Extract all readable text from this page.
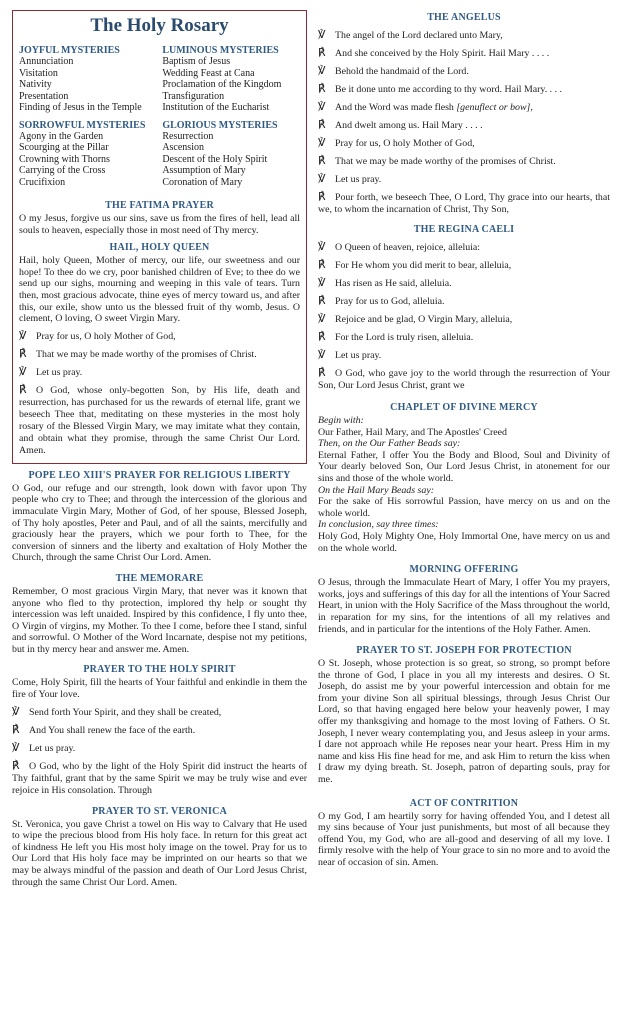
The Holy Rosary
JOYFUL MYSTERIES
Annunciation
Visitation
Nativity
Presentation
Finding of Jesus in the Temple
LUMINOUS MYSTERIES
Baptism of Jesus
Wedding Feast at Cana
Proclamation of the Kingdom
Transfiguration
Institution of the Eucharist
SORROWFUL MYSTERIES
Agony in the Garden
Scourging at the Pillar
Crowning with Thorns
Carrying of the Cross
Crucifixion
GLORIOUS MYSTERIES
Resurrection
Ascension
Descent of the Holy Spirit
Assumption of Mary
Coronation of Mary
THE FATIMA PRAYER

O my Jesus, forgive us our sins, save us from the fires of hell, lead all souls to heaven, especially those in most need of Thy mercy.

HAIL, HOLY QUEEN

Hail, holy Queen, Mother of mercy, our life, our sweetness and our hope! To thee do we cry, poor banished children of Eve; to thee do we send up our sighs, mourning and weeping in this vale of tears. Turn then, most gracious advocate, thine eyes of mercy toward us, and after this, our exile, show unto us the blessed fruit of thy womb, Jesus. O clement, O loving, O sweet Virgin Mary.

℣ Pray for us, O holy Mother of God,

℟ That we may be made worthy of the promises of Christ.

℣ Let us pray.

℟ O God, whose only-begotten Son, by His life, death and resurrection, has purchased for us the rewards of eternal life, grant we beseech Thee that, meditating on these mysteries in the most holy rosary of the Blessed Virgin Mary, we may imitate what they contain, and obtain what they promise, through the same Christ Our Lord. Amen.

POPE LEO XIII'S PRAYER FOR RELIGIOUS LIBERTY

O God, our refuge and our strength, look down with favor upon Thy people who cry to Thee; and through the intercession of the glorious and immaculate Virgin Mary, Mother of God, of her spouse, Blessed Joseph, of Thy holy apostles, Peter and Paul, and of all the saints, mercifully and graciously hear the prayers, which we pour forth to Thee, for the conversion of sinners and the liberty and exaltation of Holy Mother the Church, through the same Christ Our Lord. Amen.

THE MEMORARE

Remember, O most gracious Virgin Mary, that never was it known that anyone who fled to thy protection, implored thy help or sought thy intercession was left unaided. Inspired by this confidence, I fly unto thee, O Virgin of virgins, my Mother. To thee I come, before thee I stand, sinful and sorrowful. O Mother of the Word Incarnate, despise not my petitions, but in thy mercy hear and answer me. Amen.

PRAYER TO THE HOLY SPIRIT

Come, Holy Spirit, fill the hearts of Your faithful and enkindle in them the fire of Your love.

℣ Send forth Your Spirit, and they shall be created,

℟ And You shall renew the face of the earth.

℣ Let us pray.

℟ O God, who by the light of the Holy Spirit did instruct the hearts of Thy faithful, grant that by the same Spirit we may be truly wise and ever rejoice in His consolation. Through

PRAYER TO ST. VERONICA

St. Veronica, you gave Christ a towel on His way to Calvary that He used to wipe the precious blood from His holy face. In return for this great act of kindness He left you His most holy image on the towel. Pray for us to Our Lord that His holy face may be imprinted on our hearts so that we may be always mindful of the passion and death of Our Lord Jesus Christ, through the same Christ Our Lord. Amen.

THE ANGELUS

℣ The angel of the Lord declared unto Mary,

℟ And she conceived by the Holy Spirit. Hail Mary . . . .

℣ Behold the handmaid of the Lord.

℟ Be it done unto me according to thy word. Hail Mary. . . .

℣ And the Word was made flesh [genuflect or bow],

℟ And dwelt among us. Hail Mary . . . .

℣ Pray for us, O holy Mother of God,

℟ That we may be made worthy of the promises of Christ.

℣ Let us pray.

℟ Pour forth, we beseech Thee, O Lord, Thy grace into our hearts, that we, to whom the incarnation of Christ, Thy Son,

THE REGINA CAELI

℣ O Queen of heaven, rejoice, alleluia:

℟ For He whom you did merit to bear, alleluia,

℣ Has risen as He said, alleluia.

℟ Pray for us to God, alleluia.

℣ Rejoice and be glad, O Virgin Mary, alleluia,

℟ For the Lord is truly risen, alleluia.

℣ Let us pray.

℟ O God, who gave joy to the world through the resurrection of Your Son, Our Lord Jesus Christ, grant we

CHAPLET OF DIVINE MERCY

Begin with:

Our Father, Hail Mary, and The Apostles' Creed

Then, on the Our Father Beads say:

Eternal Father, I offer You the Body and Blood, Soul and Divinity of Your dearly beloved Son, Our Lord Jesus Christ, in atonement for our sins and those of the whole world.

On the Hail Mary Beads say:

For the sake of His sorrowful Passion, have mercy on us and on the whole world.

In conclusion, say three times:

Holy God, Holy Mighty One, Holy Immortal One, have mercy on us and on the whole world.

MORNING OFFERING

O Jesus, through the Immaculate Heart of Mary, I offer You my prayers, works, joys and sufferings of this day for all the intentions of Your Sacred Heart, in union with the Holy Sacrifice of the Mass throughout the world, in reparation for my sins, for the intentions of all my relatives and friends, and in particular for the intentions of the Holy Father. Amen.

PRAYER TO ST. JOSEPH FOR PROTECTION

O St. Joseph, whose protection is so great, so strong, so prompt before the throne of God, I place in you all my interests and desires. O St. Joseph, do assist me by your powerful intercession and obtain for me from your divine Son all spiritual blessings, through Jesus Christ Our Lord, so that having engaged here below your heavenly power, I may offer my thanksgiving and homage to the most loving of Fathers. O St. Joseph, I never weary contemplating you, and Jesus asleep in your arms. I dare not approach while He reposes near your heart. Press Him in my name and kiss His fine head for me, and ask Him to return the kiss when I draw my dying breath. St. Joseph, patron of departing souls, pray for me.

ACT OF CONTRITION

O my God, I am heartily sorry for having offended You, and I detest all my sins because of Your just punishments, but most of all because they offend You, my God, who are all-good and deserving of all my love. I firmly resolve with the help of Your grace to sin no more and to avoid the near of occasion of sin. Amen.
